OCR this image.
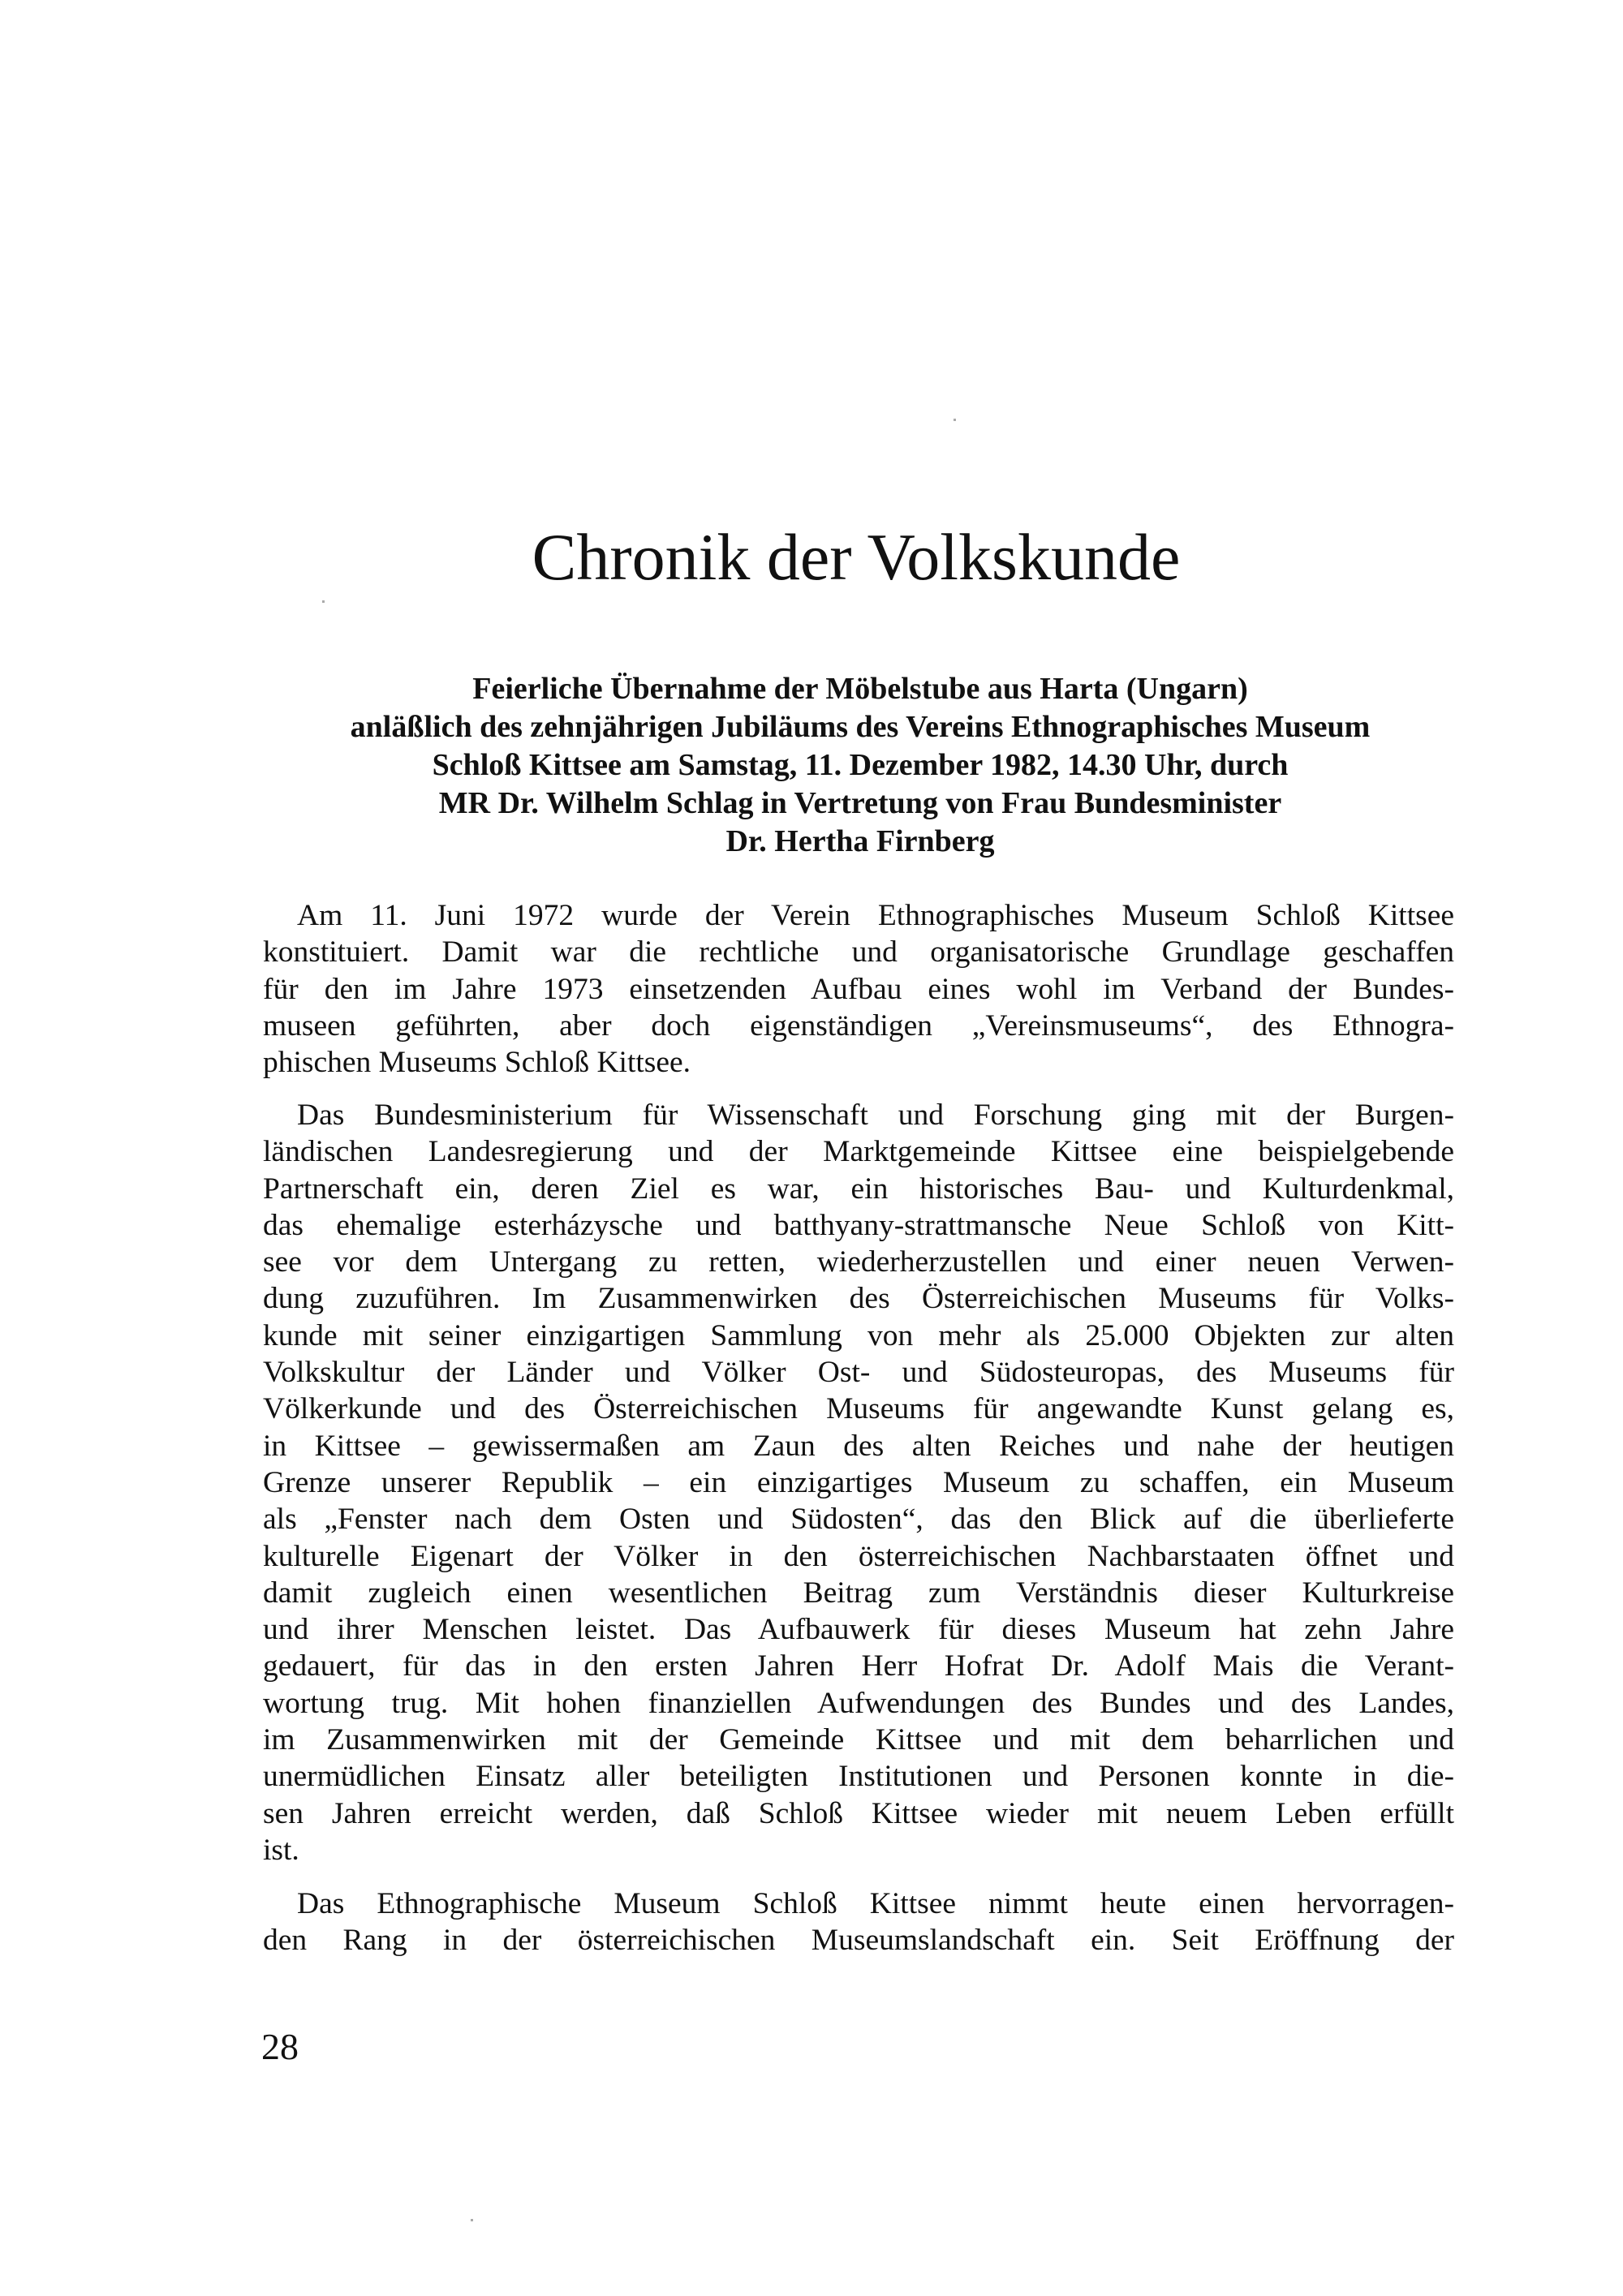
Chronik der Volkskunde
Feierliche Übernahme der Möbelstube aus Harta (Ungarn)
anläßlich des zehnjährigen Jubiläums des Vereins Ethnographisches Museum
Schloß Kittsee am Samstag, 11. Dezember 1982, 14.30 Uhr, durch
MR Dr. Wilhelm Schlag in Vertretung von Frau Bundesminister
Dr. Hertha Firnberg
Am 11. Juni 1972 wurde der Verein Ethnographisches Museum Schloß Kittsee
konstituiert. Damit war die rechtliche und organisatorische Grundlage geschaffen
für den im Jahre 1973 einsetzenden Aufbau eines wohl im Verband der Bundes-
museen geführten, aber doch eigenständigen „Vereinsmuseums“, des Ethnogra-
phischen Museums Schloß Kittsee.
Das Bundesministerium für Wissenschaft und Forschung ging mit der Burgen-
ländischen Landesregierung und der Marktgemeinde Kittsee eine beispielgebende
Partnerschaft ein, deren Ziel es war, ein historisches Bau- und Kulturdenkmal,
das ehemalige esterházysche und batthyany-strattmansche Neue Schloß von Kitt-
see vor dem Untergang zu retten, wiederherzustellen und einer neuen Verwen-
dung zuzuführen. Im Zusammenwirken des Österreichischen Museums für Volks-
kunde mit seiner einzigartigen Sammlung von mehr als 25.000 Objekten zur alten
Volkskultur der Länder und Völker Ost- und Südosteuropas, des Museums für
Völkerkunde und des Österreichischen Museums für angewandte Kunst gelang es,
in Kittsee – gewissermaßen am Zaun des alten Reiches und nahe der heutigen
Grenze unserer Republik – ein einzigartiges Museum zu schaffen, ein Museum
als „Fenster nach dem Osten und Südosten“, das den Blick auf die überlieferte
kulturelle Eigenart der Völker in den österreichischen Nachbarstaaten öffnet und
damit zugleich einen wesentlichen Beitrag zum Verständnis dieser Kulturkreise
und ihrer Menschen leistet. Das Aufbauwerk für dieses Museum hat zehn Jahre
gedauert, für das in den ersten Jahren Herr Hofrat Dr. Adolf Mais die Verant-
wortung trug. Mit hohen finanziellen Aufwendungen des Bundes und des Landes,
im Zusammenwirken mit der Gemeinde Kittsee und mit dem beharrlichen und
unermüdlichen Einsatz aller beteiligten Institutionen und Personen konnte in die-
sen Jahren erreicht werden, daß Schloß Kittsee wieder mit neuem Leben erfüllt
ist.
Das Ethnographische Museum Schloß Kittsee nimmt heute einen hervorragen-
den Rang in der österreichischen Museumslandschaft ein. Seit Eröffnung der
28
